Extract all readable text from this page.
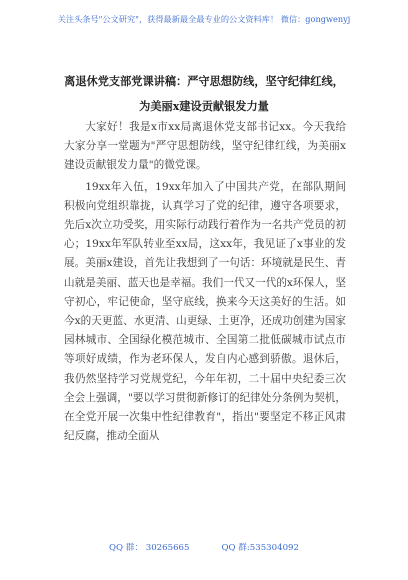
关注头条号"公文研究"，获得最新最全最专业的公文资料库！ 微信：gongwenyj
离退休党支部党课讲稿：严守思想防线，坚守纪律红线，
为美丽x建设贡献银发力量

大家好！我是x市xx局离退休党支部书记xx。今天我给大家分享一堂题为"严守思想防线，坚守纪律红线，为美丽x建设贡献银发力量"的微党课。

19xx年入伍，19xx年加入了中国共产党，在部队期间积极向党组织靠拢，认真学习了党的纪律，遵守各项要求，先后x次立功受奖，用实际行动践行着作为一名共产党员的初心；19xx年军队转业至xx局，这xx年，我见证了x事业的发展。美丽x建设，首先让我想到了一句话：环境就是民生、青山就是美丽、蓝天也是幸福。我们一代又一代的x环保人，坚守初心，牢记使命，坚守底线，换来今天这美好的生活。如今x的天更蓝、水更清、山更绿、土更净，还成功创建为国家园林城市、全国绿化模范城市、全国第二批低碳城市试点市等项好成绩，作为老环保人，发自内心感到骄傲。退休后，我仍然坚持学习党规党纪，今年年初，二十届中央纪委三次全会上强调，"要以学习贯彻新修订的纪律处分条例为契机，在全党开展一次集中性纪律教育"，指出"要坚定不移正风肃纪反腐，推动全面从

QQ 群： 30265665	QQ 群:535304092
